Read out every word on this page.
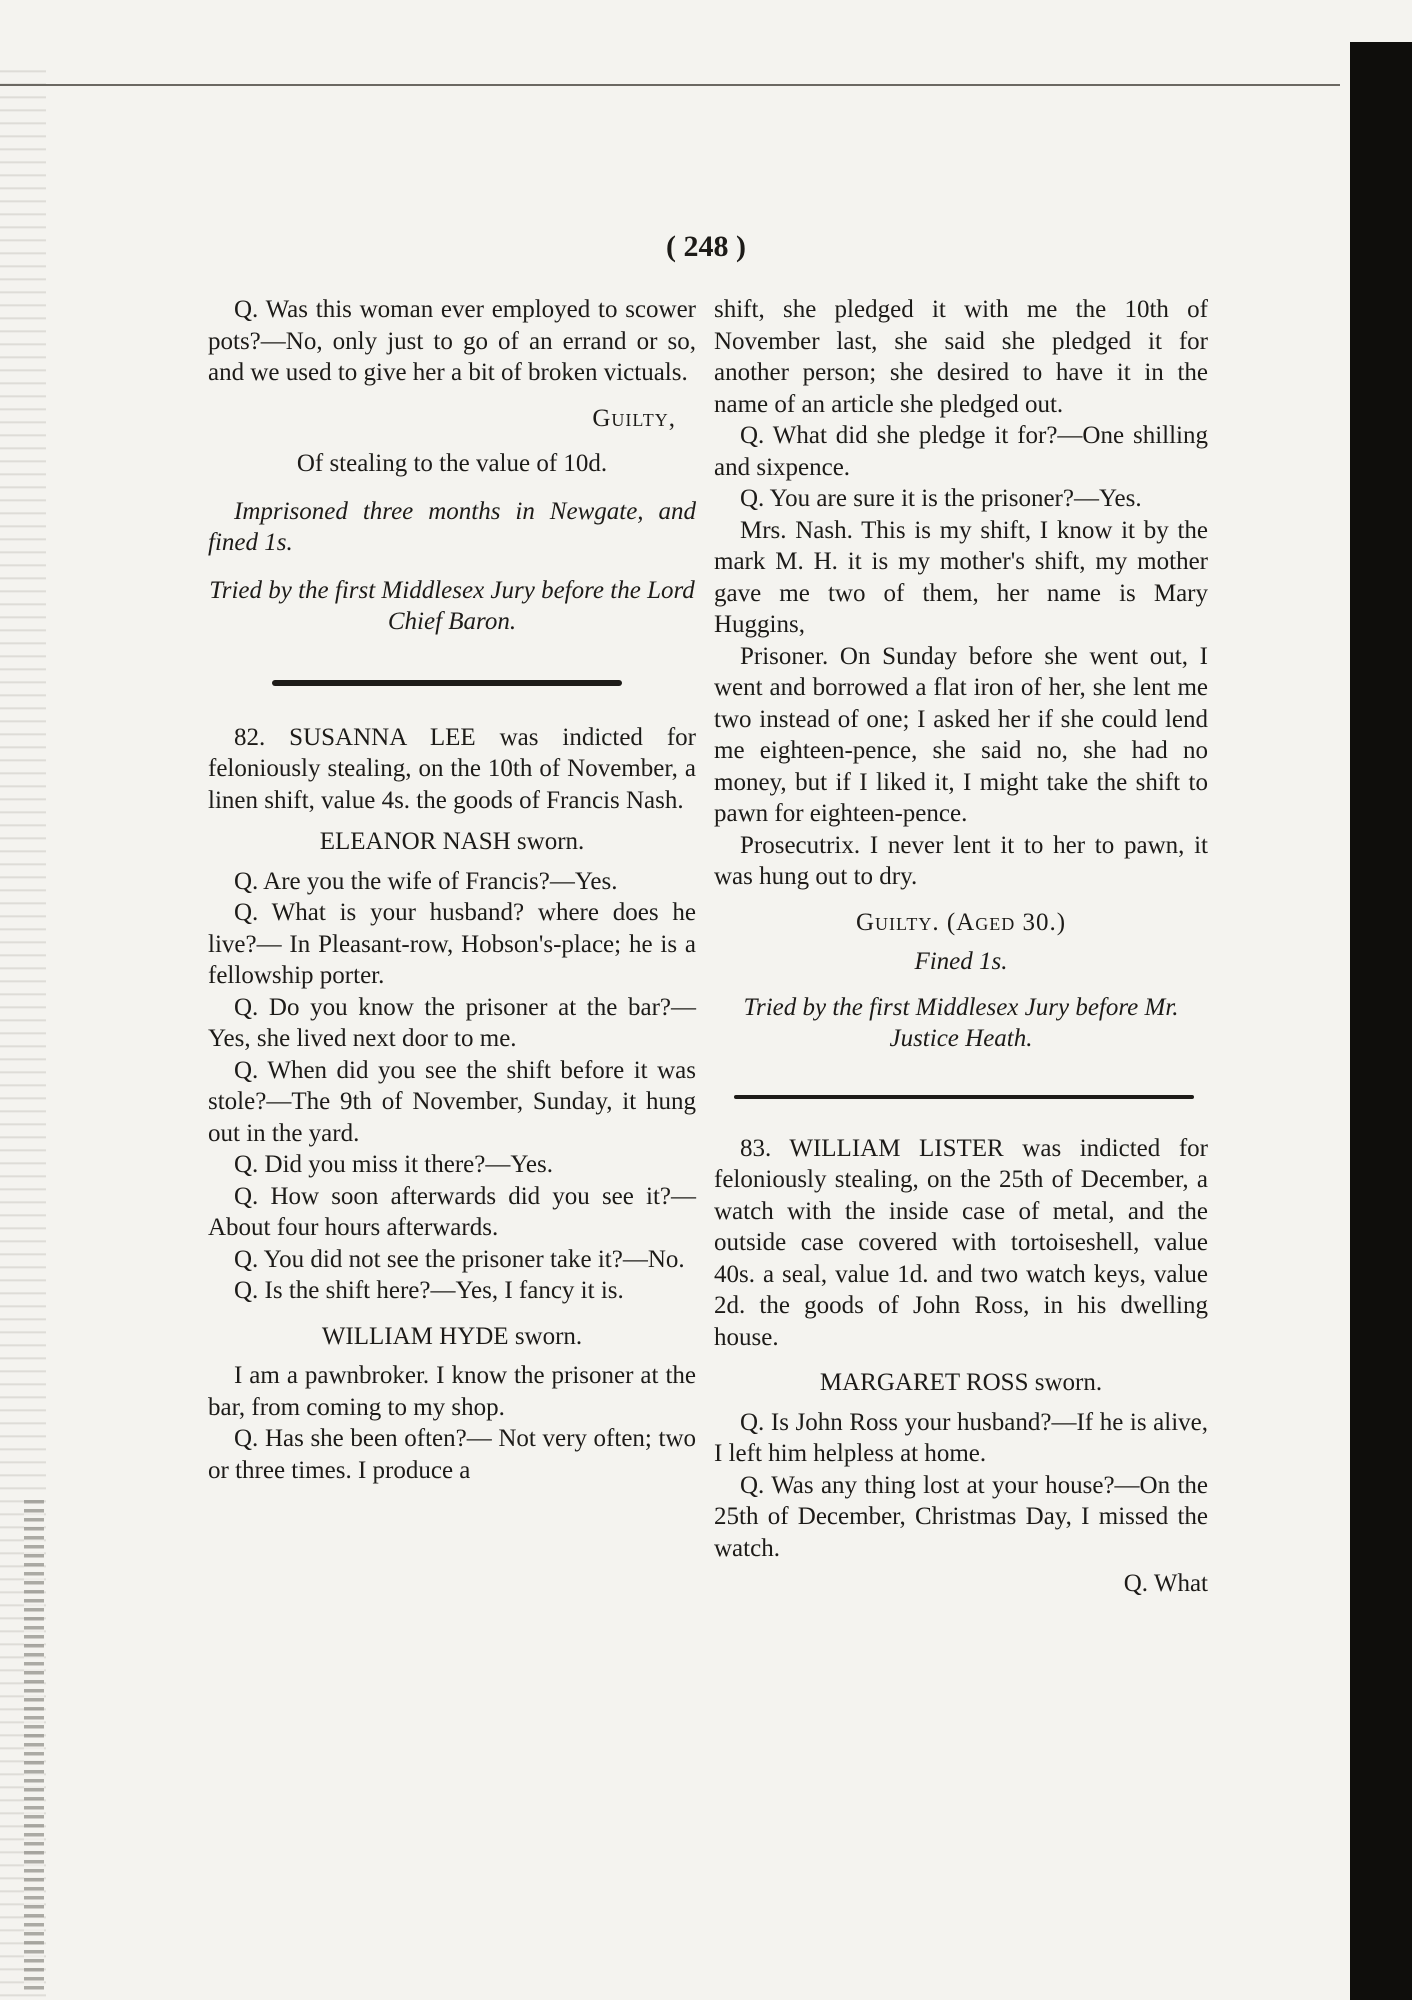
( 248 )

Q. Was this woman ever employed to scower pots?—No, only just to go of an errand or so, and we used to give her a bit of broken victuals.

Guilty,

Of stealing to the value of 10d.

Imprisoned three months in Newgate, and fined 1s.

Tried by the first Middlesex Jury before the Lord Chief Baron.

82. SUSANNA LEE was indicted for feloniously stealing, on the 10th of November, a linen shift, value 4s. the goods of Francis Nash.

ELEANOR NASH sworn.

Q. Are you the wife of Francis?—Yes.

Q. What is your husband? where does he live?— In Pleasant-row, Hobson's-place; he is a fellowship porter.

Q. Do you know the prisoner at the bar?—Yes, she lived next door to me.

Q. When did you see the shift before it was stole?—The 9th of November, Sunday, it hung out in the yard.

Q. Did you miss it there?—Yes.

Q. How soon afterwards did you see it?—About four hours afterwards.

Q. You did not see the prisoner take it?—No.

Q. Is the shift here?—Yes, I fancy it is.

WILLIAM HYDE sworn.

I am a pawnbroker. I know the prisoner at the bar, from coming to my shop.

Q. Has she been often?— Not very often; two or three times. I produce a

shift, she pledged it with me the 10th of November last, she said she pledged it for another person; she desired to have it in the name of an article she pledged out.

Q. What did she pledge it for?—One shilling and sixpence.

Q. You are sure it is the prisoner?—Yes.

Mrs. Nash. This is my shift, I know it by the mark M. H. it is my mother's shift, my mother gave me two of them, her name is Mary Huggins,

Prisoner. On Sunday before she went out, I went and borrowed a flat iron of her, she lent me two instead of one; I asked her if she could lend me eighteen-pence, she said no, she had no money, but if I liked it, I might take the shift to pawn for eighteen-pence.

Prosecutrix. I never lent it to her to pawn, it was hung out to dry.

Guilty. (Aged 30.)

Fined 1s.

Tried by the first Middlesex Jury before Mr. Justice Heath.

83. WILLIAM LISTER was indicted for feloniously stealing, on the 25th of December, a watch with the inside case of metal, and the outside case covered with tortoiseshell, value 40s. a seal, value 1d. and two watch keys, value 2d. the goods of John Ross, in his dwelling house.

MARGARET ROSS sworn.

Q. Is John Ross your husband?—If he is alive, I left him helpless at home.

Q. Was any thing lost at your house?—On the 25th of December, Christmas Day, I missed the watch.

Q. What
